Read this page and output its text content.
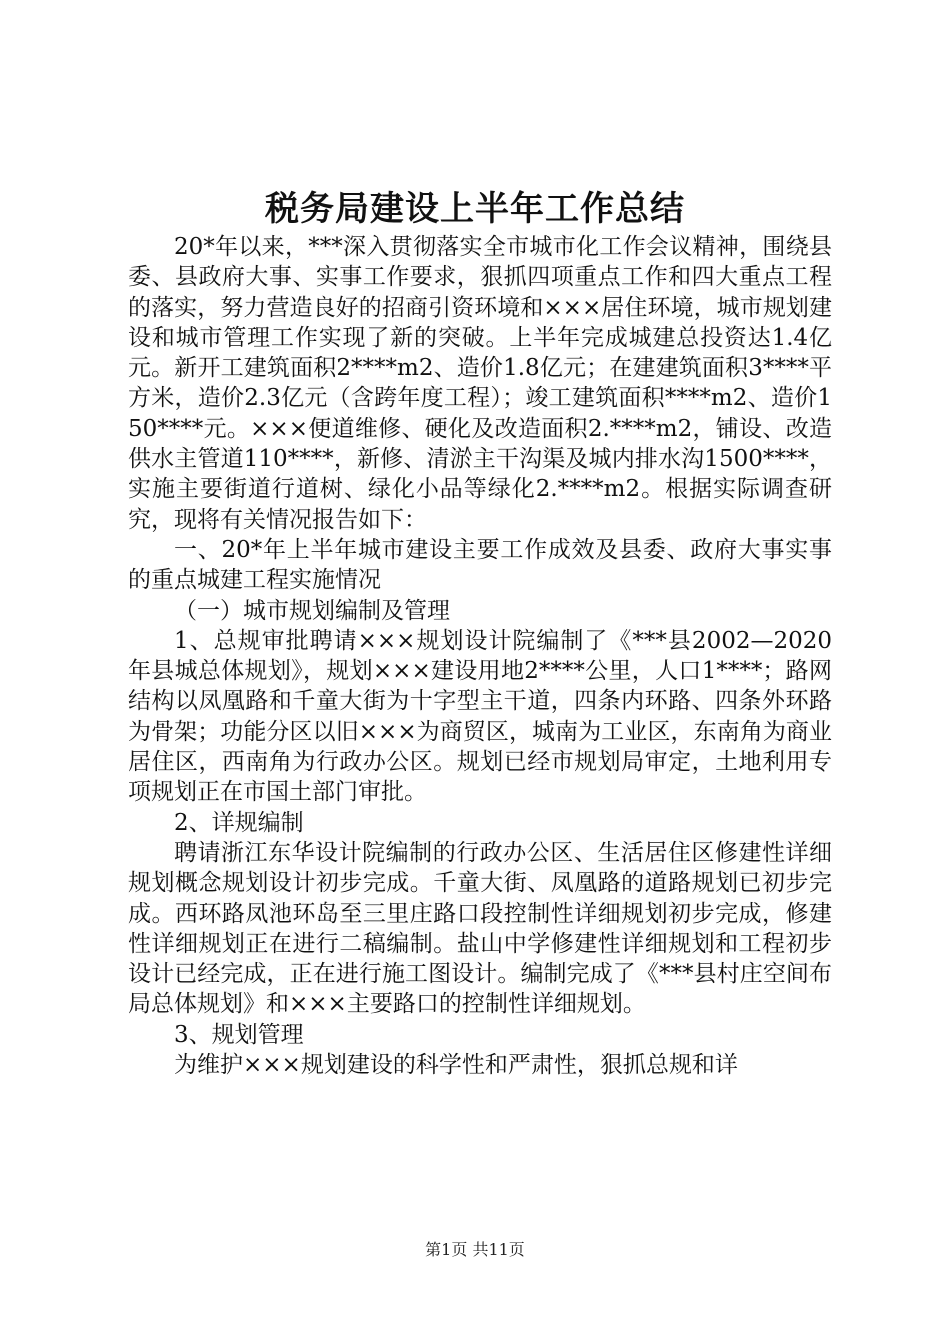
税务局建设上半年工作总结

20*年以来，***深入贯彻落实全市城市化工作会议精神，围绕县委、县政府大事、实事工作要求，狠抓四项重点工作和四大重点工程的落实，努力营造良好的招商引资环境和×××居住环境，城市规划建设和城市管理工作实现了新的突破。上半年完成城建总投资达1.4亿元。新开工建筑面积2****m2、造价1.8亿元；在建建筑面积3****平方米，造价2.3亿元（含跨年度工程）；竣工建筑面积****m2、造价150****元。×××便道维修、硬化及改造面积2.****m2，铺设、改造供水主管道110****，新修、清淤主干沟渠及城内排水沟1500****，实施主要街道行道树、绿化小品等绿化2.****m2。根据实际调查研究，现将有关情况报告如下：

一、20*年上半年城市建设主要工作成效及县委、政府大事实事的重点城建工程实施情况

（一）城市规划编制及管理

1、总规审批聘请×××规划设计院编制了《***县2002—2020年县城总体规划》，规划×××建设用地2****公里，人口1****；路网结构以凤凰路和千童大街为十字型主干道，四条内环路、四条外环路为骨架；功能分区以旧×××为商贸区，城南为工业区，东南角为商业居住区，西南角为行政办公区。规划已经市规划局审定，土地利用专项规划正在市国土部门审批。

2、详规编制

聘请浙江东华设计院编制的行政办公区、生活居住区修建性详细规划概念规划设计初步完成。千童大街、凤凰路的道路规划已初步完成。西环路凤池环岛至三里庄路口段控制性详细规划初步完成，修建性详细规划正在进行二稿编制。盐山中学修建性详细规划和工程初步设计已经完成，正在进行施工图设计。编制完成了《***县村庄空间布局总体规划》和×××主要路口的控制性详细规划。

3、规划管理

为维护×××规划建设的科学性和严肃性，狠抓总规和详

第1页 共11页
